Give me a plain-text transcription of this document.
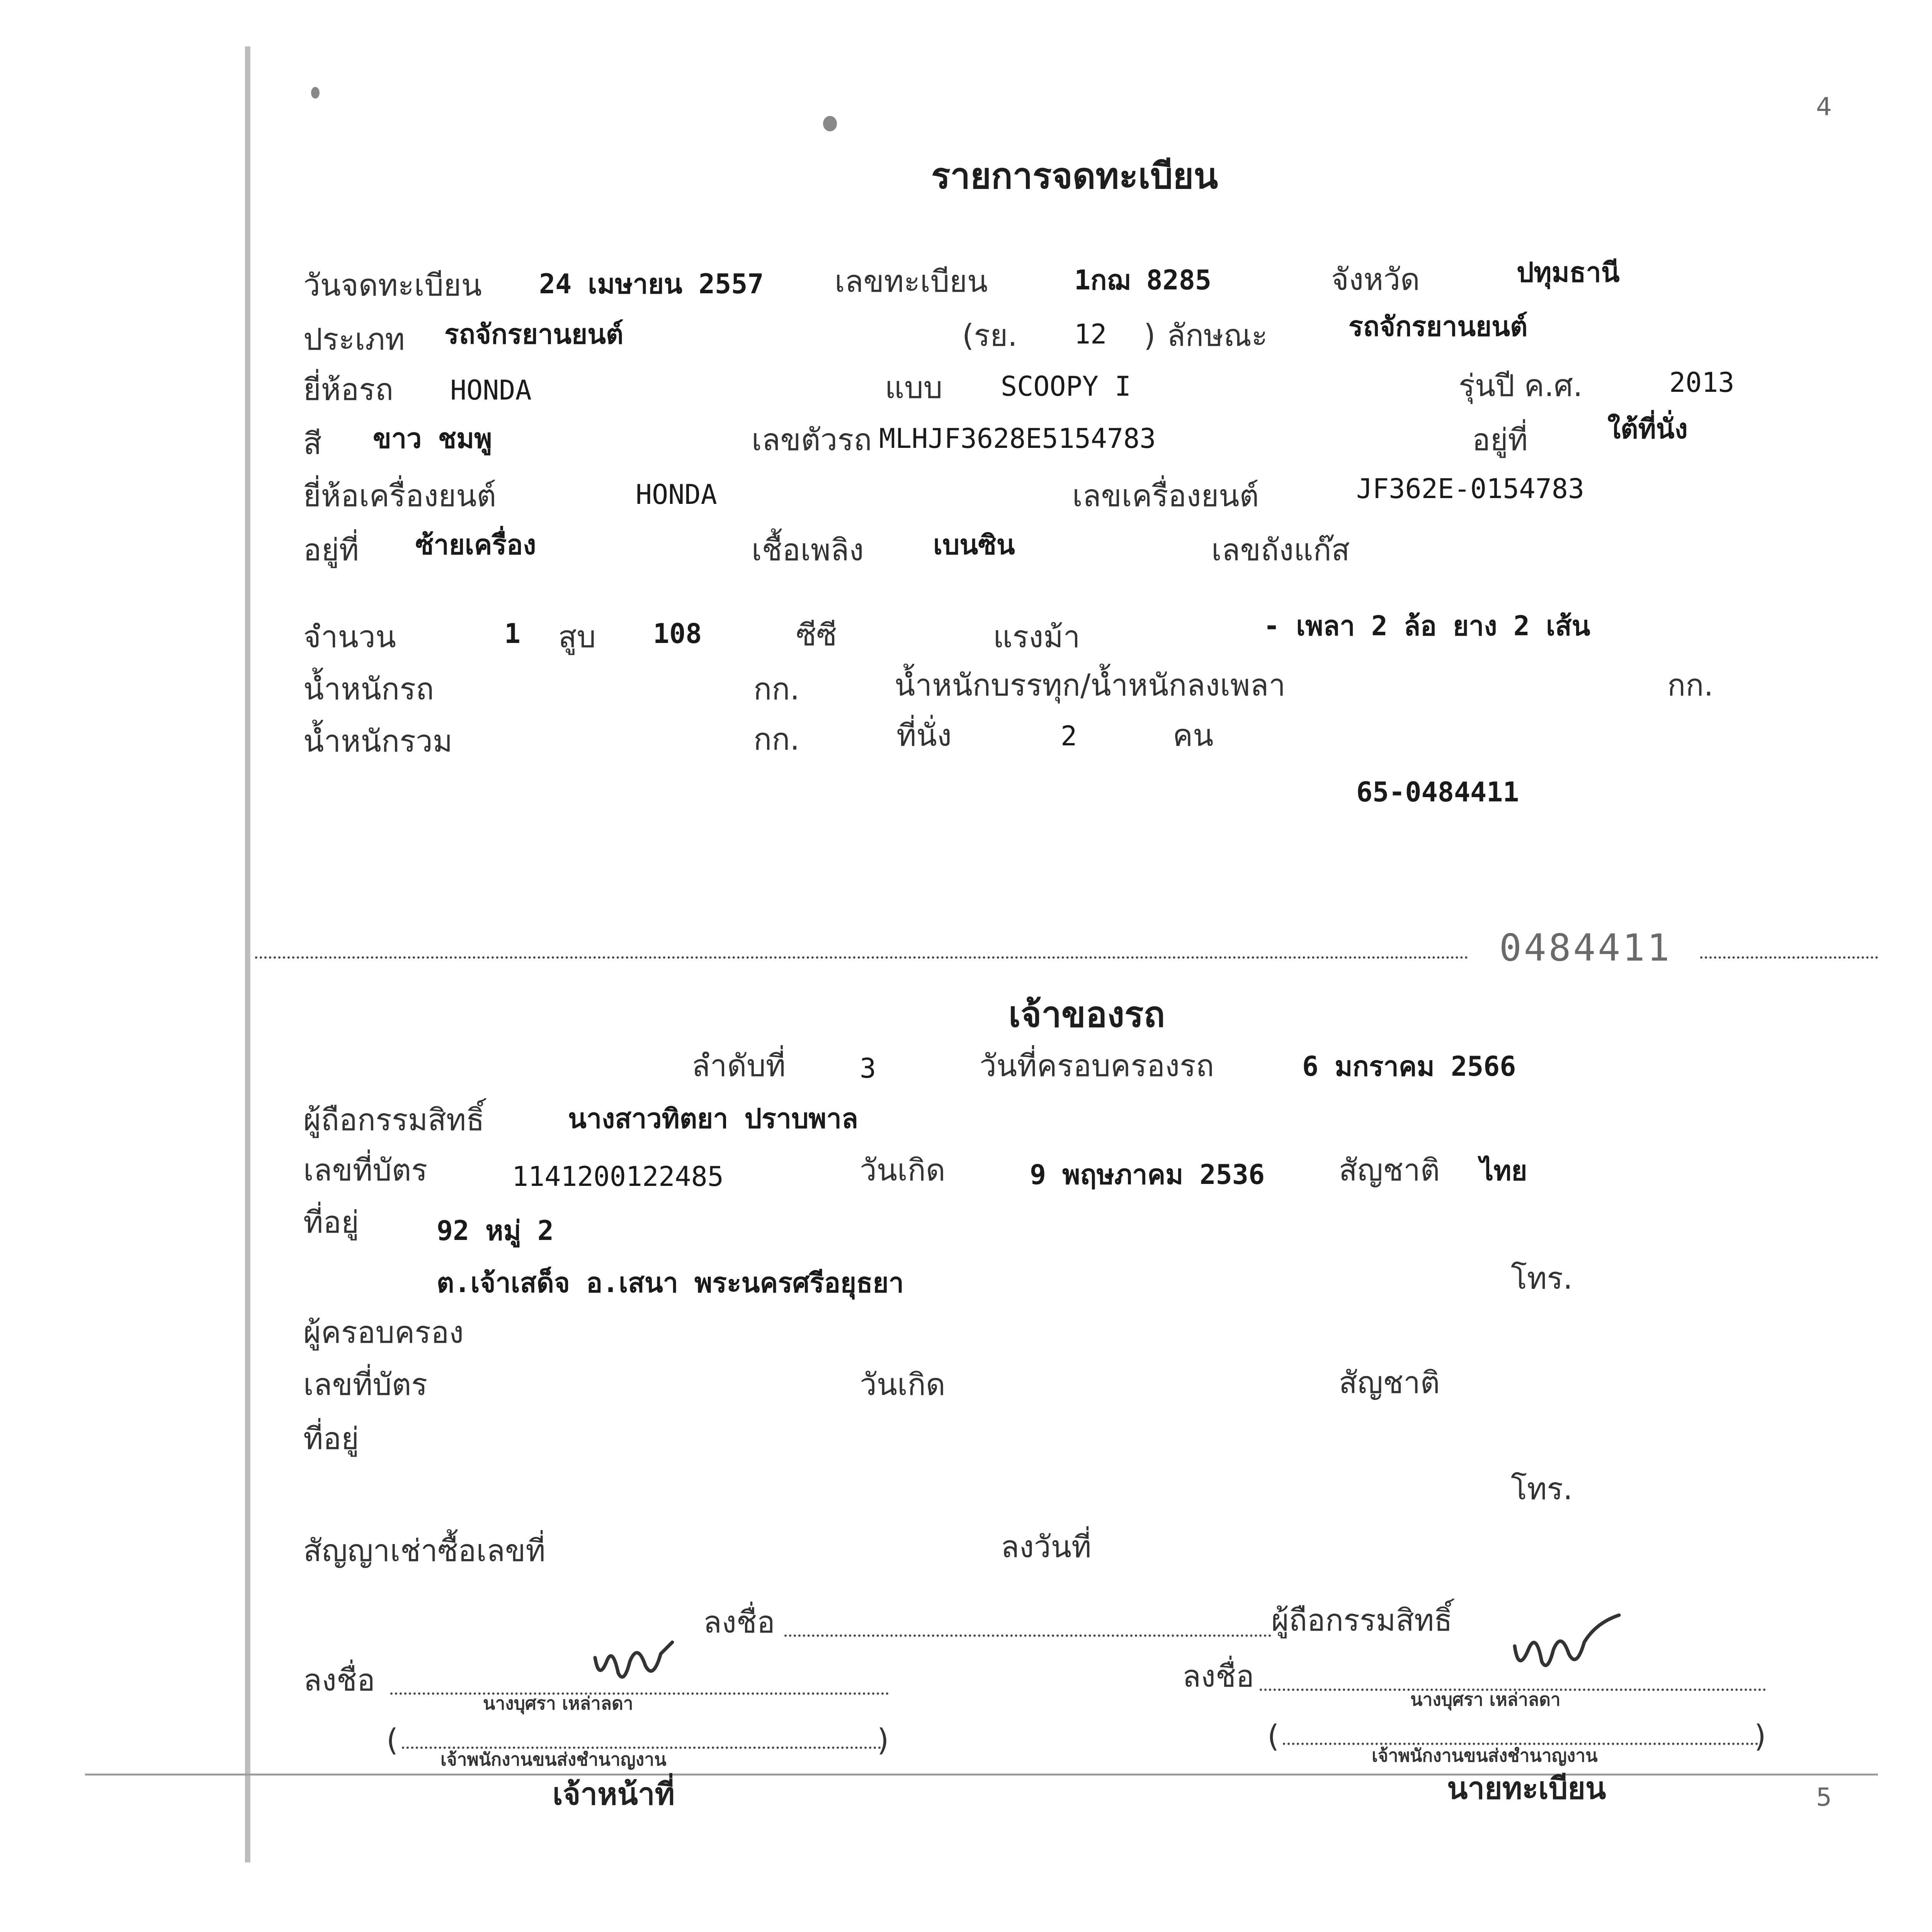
4
5
รายการจดทะเบียน
วันจดทะเบียน 24 เมษายน 2557 เลขทะเบียน	1กฌ 8285	จังหวัด	ปทุมธานี
ประเภท รถจักรยานยนต์	(รย. 12 ) ลักษณะ	รถจักรยานยนต์
ยี่ห้อรถ HONDA	แบบ SCOOPY I	รุ่นปี ค.ศ.	2013
สี ขาว ชมพู	เลขตัวรถ MLHJF3628E5154783	อยู่ที่	ใต้ที่นั่ง
ยี่ห้อเครื่องยนต์	HONDA	เลขเครื่องยนต์	JF362E-0154783
อยู่ที่ ซ้ายเครื่อง	เชื้อเพลิง	เบนซิน	เลขถังแก๊ส
จำนวน	1 สูบ 108	ซีซี	แรงม้า	- เพลา 2 ล้อ ยาง 2 เส้น
น้ำหนักรถ	กก.	น้ำหนักบรรทุก/น้ำหนักลงเพลา	กก.
น้ำหนักรวม	กก.	ที่นั่ง	2	คน
65-0484411
0484411
เจ้าของรถ
ลำดับที่	3	วันที่ครอบครองรถ	6 มกราคม 2566
ผู้ถือกรรมสิทธิ์	นางสาวทิตยา ปราบพาล
เลขที่บัตร	1141200122485	วันเกิด	9 พฤษภาคม 2536 สัญชาติ ไทย
ที่อยู่	92 หมู่ 2
ต.เจ้าเสด็จ อ.เสนา พระนครศรีอยุธยา	โทร.
ผู้ครอบครอง
เลขที่บัตร	วันเกิด	สัญชาติ
ที่อยู่
โทร.
สัญญาเช่าซื้อเลขที่	ลงวันที่
ลงชื่อ	ผู้ถือกรรมสิทธิ์
ลงชื่อ
นางบุศรา เหล่าลดา
(	)
เจ้าพนักงานขนส่งชำนาญงาน
เจ้าหน้าที่
ลงชื่อ
นางบุศรา เหล่าลดา
(	)
เจ้าพนักงานขนส่งชำนาญงาน
นายทะเบียน
